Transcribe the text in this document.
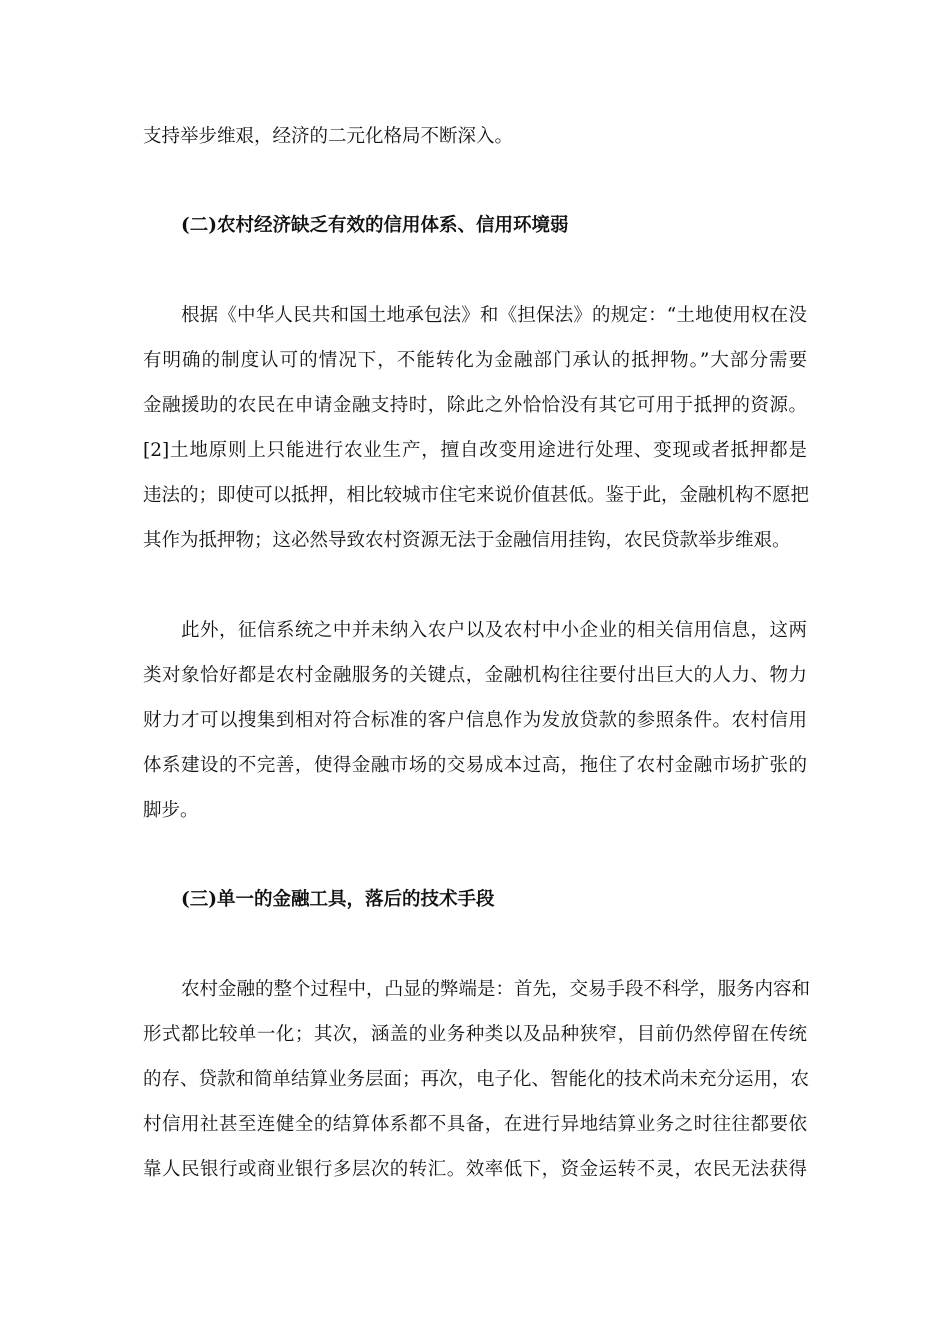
支持举步维艰，经济的二元化格局不断深入。
(二)农村经济缺乏有效的信用体系、信用环境弱
根据《中华人民共和国土地承包法》和《担保法》的规定：“土地使用权在没
有明确的制度认可的情况下，不能转化为金融部门承认的抵押物。”大部分需要
金融援助的农民在申请金融支持时，除此之外恰恰没有其它可用于抵押的资源。
[2]土地原则上只能进行农业生产，擅自改变用途进行处理、变现或者抵押都是
违法的；即使可以抵押，相比较城市住宅来说价值甚低。鉴于此，金融机构不愿把
其作为抵押物；这必然导致农村资源无法于金融信用挂钩，农民贷款举步维艰。
此外，征信系统之中并未纳入农户以及农村中小企业的相关信用信息，这两
类对象恰好都是农村金融服务的关键点，金融机构往往要付出巨大的人力、物力
财力才可以搜集到相对符合标准的客户信息作为发放贷款的参照条件。农村信用
体系建设的不完善，使得金融市场的交易成本过高，拖住了农村金融市场扩张的
脚步。
(三)单一的金融工具，落后的技术手段
农村金融的整个过程中，凸显的弊端是：首先，交易手段不科学，服务内容和
形式都比较单一化；其次，涵盖的业务种类以及品种狭窄，目前仍然停留在传统
的存、贷款和简单结算业务层面；再次，电子化、智能化的技术尚未充分运用，农
村信用社甚至连健全的结算体系都不具备，在进行异地结算业务之时往往都要依
靠人民银行或商业银行多层次的转汇。效率低下，资金运转不灵，农民无法获得
